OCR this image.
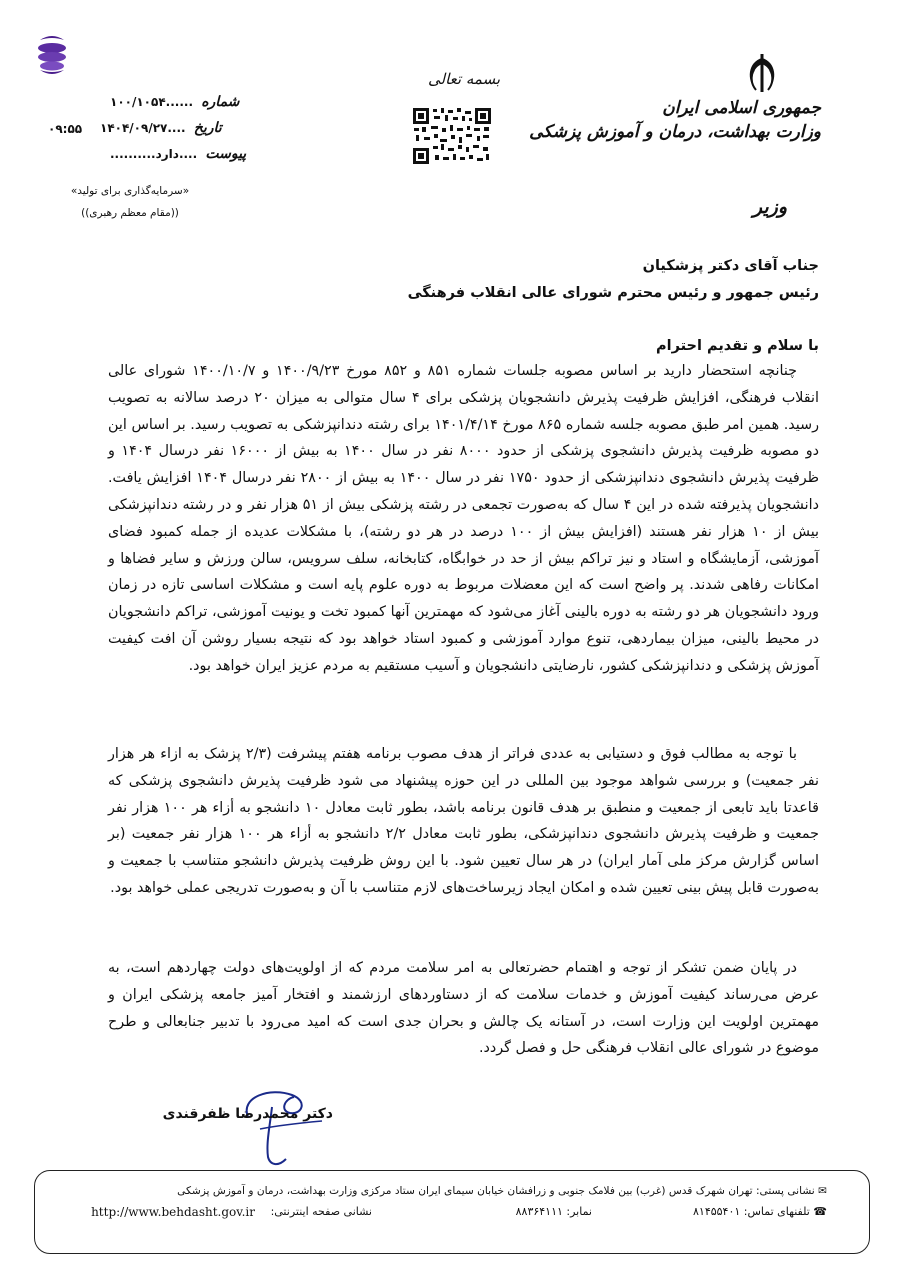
جمهوری اسلامی ایران
وزارت بهداشت، درمان و آموزش پزشکی
وزیر
بسمه تعالی
شماره ......۱۰۰/۱۰۵۴
تاریخ ....۱۴۰۴/۰۹/۲۷
۰۹:۵۵
پیوست ....دارد..........
«سرمایه‌گذاری برای تولید»
((مقام معظم رهبری))
جناب آقای دکتر پزشکیان
رئیس جمهور و رئیس محترم شورای عالی انقلاب فرهنگی
با سلام و تقدیم احترام

چنانچه استحضار دارید بر اساس مصوبه جلسات شماره ۸۵۱ و ۸۵۲ مورخ ۱۴۰۰/۹/۲۳ و ۱۴۰۰/۱۰/۷ شورای عالی انقلاب فرهنگی، افزایش ظرفیت پذیرش دانشجویان پزشکی برای ۴ سال متوالی به میزان ۲۰ درصد سالانه به تصویب رسید. همین امر طبق مصوبه جلسه شماره ۸۶۵ مورخ ۱۴۰۱/۴/۱۴ برای رشته دندانپزشکی به تصویب رسید. بر اساس این دو مصوبه ظرفیت پذیرش دانشجوی پزشکی از حدود ۸۰۰۰ نفر در سال ۱۴۰۰ به بیش از ۱۶۰۰۰ نفر درسال ۱۴۰۴ و ظرفیت پذیرش دانشجوی دندانپزشکی از حدود ۱۷۵۰ نفر در سال ۱۴۰۰ به بیش از ۲۸۰۰ نفر درسال ۱۴۰۴ افزایش یافت. دانشجویان پذیرفته شده در این ۴ سال که به‌صورت تجمعی در رشته پزشکی بیش از ۵۱ هزار نفر و در رشته دندانپزشکی بیش از ۱۰ هزار نفر هستند (افزایش بیش از ۱۰۰ درصد در هر دو رشته)، با مشکلات عدیده از جمله کمبود فضای آموزشی، آزمایشگاه و استاد و نیز تراکم بیش از حد در خوابگاه، کتابخانه، سلف سرویس، سالن ورزش و سایر فضاها و امکانات رفاهی شدند. پر واضح است که این معضلات مربوط به دوره علوم پایه است و مشکلات اساسی تازه در زمان ورود دانشجویان هر دو رشته به دوره بالینی آغاز می‌شود که مهمترین آنها کمبود تخت و یونیت آموزشی، تراکم دانشجویان در محیط بالینی، میزان بیماردهی، تنوع موارد آموزشی و کمبود استاد خواهد بود که نتیجه بسیار روشن آن افت کیفیت آموزش پزشکی و دندانپزشکی کشور، نارضایتی دانشجویان و آسیب مستقیم به مردم عزیز ایران خواهد بود.

با توجه به مطالب فوق و دستیابی به عددی فراتر از هدف مصوب برنامه هفتم پیشرفت (۲/۳ پزشک به ازاء هر هزار نفر جمعیت) و بررسی شواهد موجود بین المللی در این حوزه پیشنهاد می شود ظرفیت پذیرش دانشجوی پزشکی که قاعدتا باید تابعی از جمعیت و منطبق بر هدف قانون برنامه باشد، بطور ثابت معادل ۱۰ دانشجو به أزاء هر ۱۰۰ هزار نفر جمعیت و ظرفیت پذیرش دانشجوی دندانپزشکی، بطور ثابت معادل ۲/۲ دانشجو به أزاء هر ۱۰۰ هزار نفر جمعیت (بر اساس گزارش مرکز ملی آمار ایران) در هر سال تعیین شود. با این روش ظرفیت پذیرش دانشجو متناسب با جمعیت و به‌صورت قابل پیش بینی تعیین شده و امکان ایجاد زیرساخت‌های لازم متناسب با آن و به‌صورت تدریجی عملی خواهد بود.

در پایان ضمن تشکر از توجه و اهتمام حضرتعالی به امر سلامت مردم که از اولویت‌های دولت چهاردهم است، به عرض می‌رساند کیفیت آموزش و خدمات سلامت که از دستاوردهای ارزشمند و افتخار آمیز جامعه پزشکی ایران و مهمترین اولویت این وزارت است، در آستانه یک چالش و بحران جدی است که امید می‌رود با تدبیر جنابعالی و طرح موضوع در شورای عالی انقلاب فرهنگی حل و فصل گردد.

دکتر محمدرضا ظفرقندی
✉ نشانی پستی: تهران شهرک قدس (غرب) بین فلامک جنوبی و زرافشان خیابان سیمای ایران ستاد مرکزی وزارت بهداشت، درمان و آموزش پزشکی
☎ تلفنهای تماس: ۸۱۴۵۵۴۰۱
نمابر: ۸۸۳۶۴۱۱۱
نشانی صفحه اینترنتی:
http://www.behdasht.gov.ir
